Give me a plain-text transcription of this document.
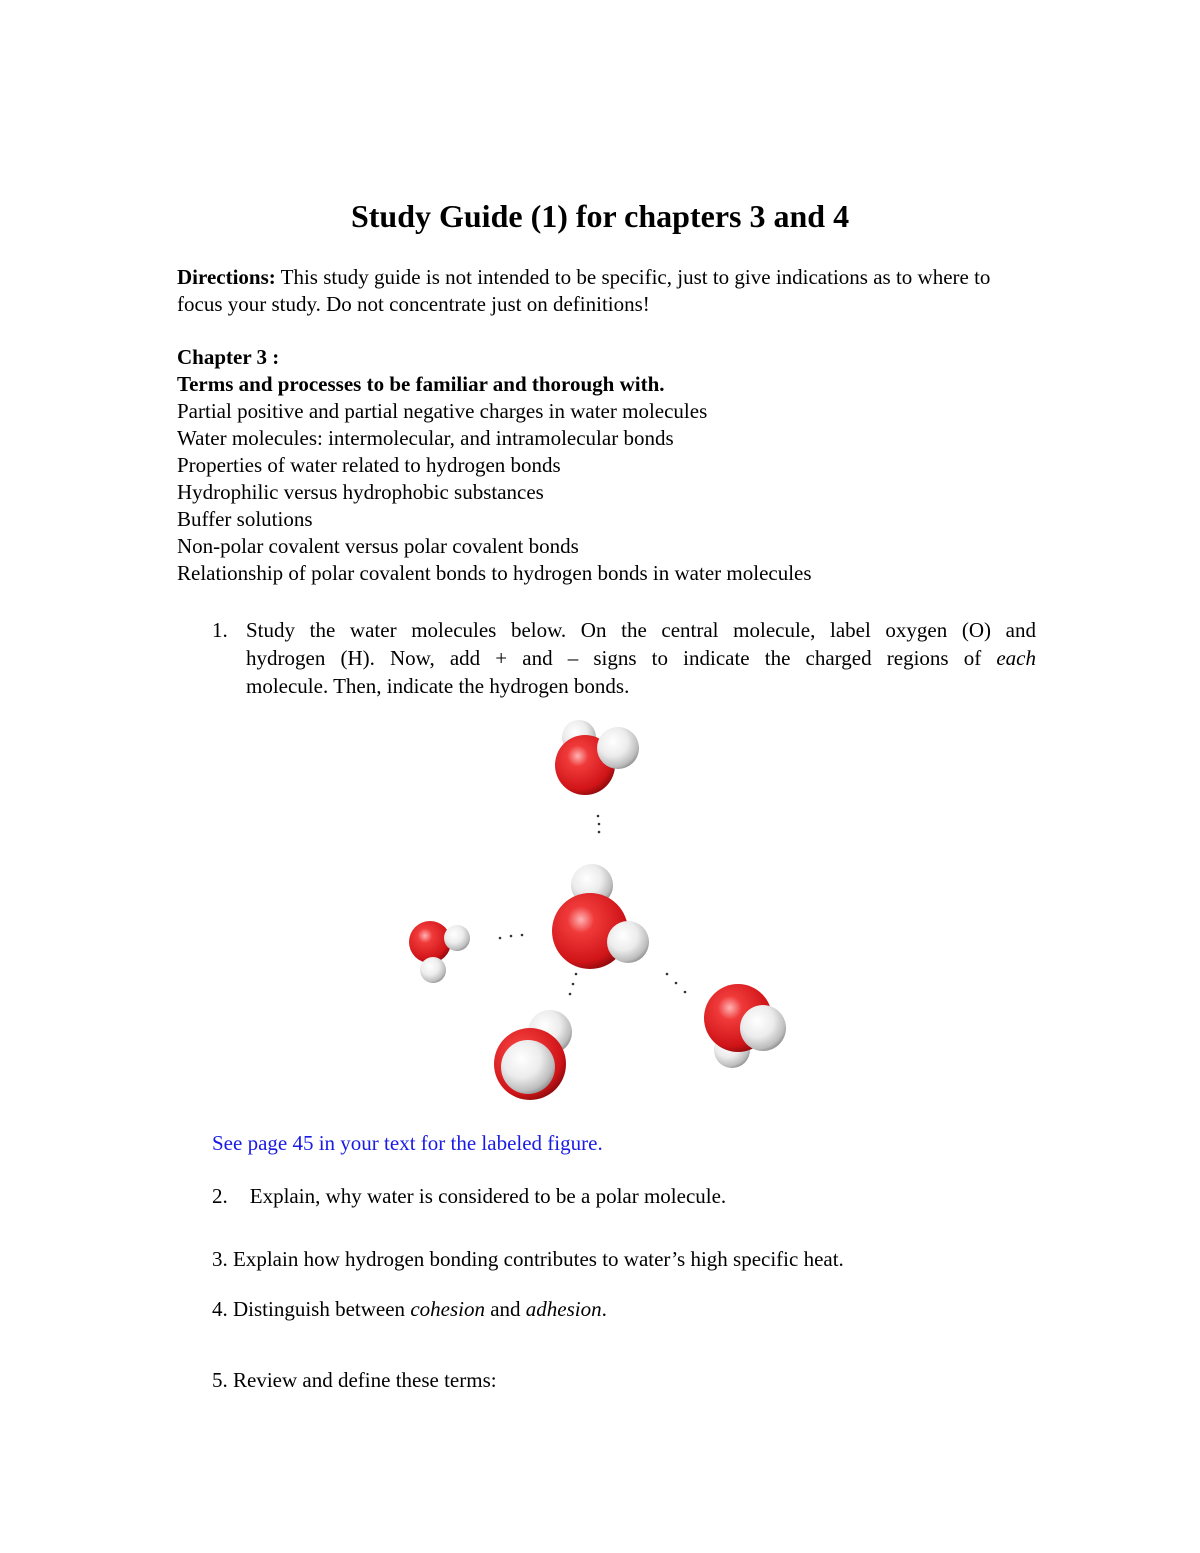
Study Guide (1) for chapters 3 and 4

Directions: This study guide is not intended to be specific, just to give indications as to where to focus your study. Do not concentrate just on definitions!

Chapter 3 :
Terms and processes to be familiar and thorough with.
Partial positive and partial negative charges in water molecules
Water molecules: intermolecular, and intramolecular bonds
Properties of water related to hydrogen bonds
Hydrophilic versus hydrophobic substances
Buffer solutions
Non-polar covalent versus polar covalent bonds
Relationship of polar covalent bonds to hydrogen bonds in water molecules
1. Study the water molecules below. On the central molecule, label oxygen (O) and
hydrogen (H). Now, add + and – signs to indicate the charged regions of each
molecule. Then, indicate the hydrogen bonds.
See page 45 in your text for the labeled figure.
2. Explain, why water is considered to be a polar molecule.
3. Explain how hydrogen bonding contributes to water’s high specific heat.
4. Distinguish between cohesion and adhesion.
5. Review and define these terms:
